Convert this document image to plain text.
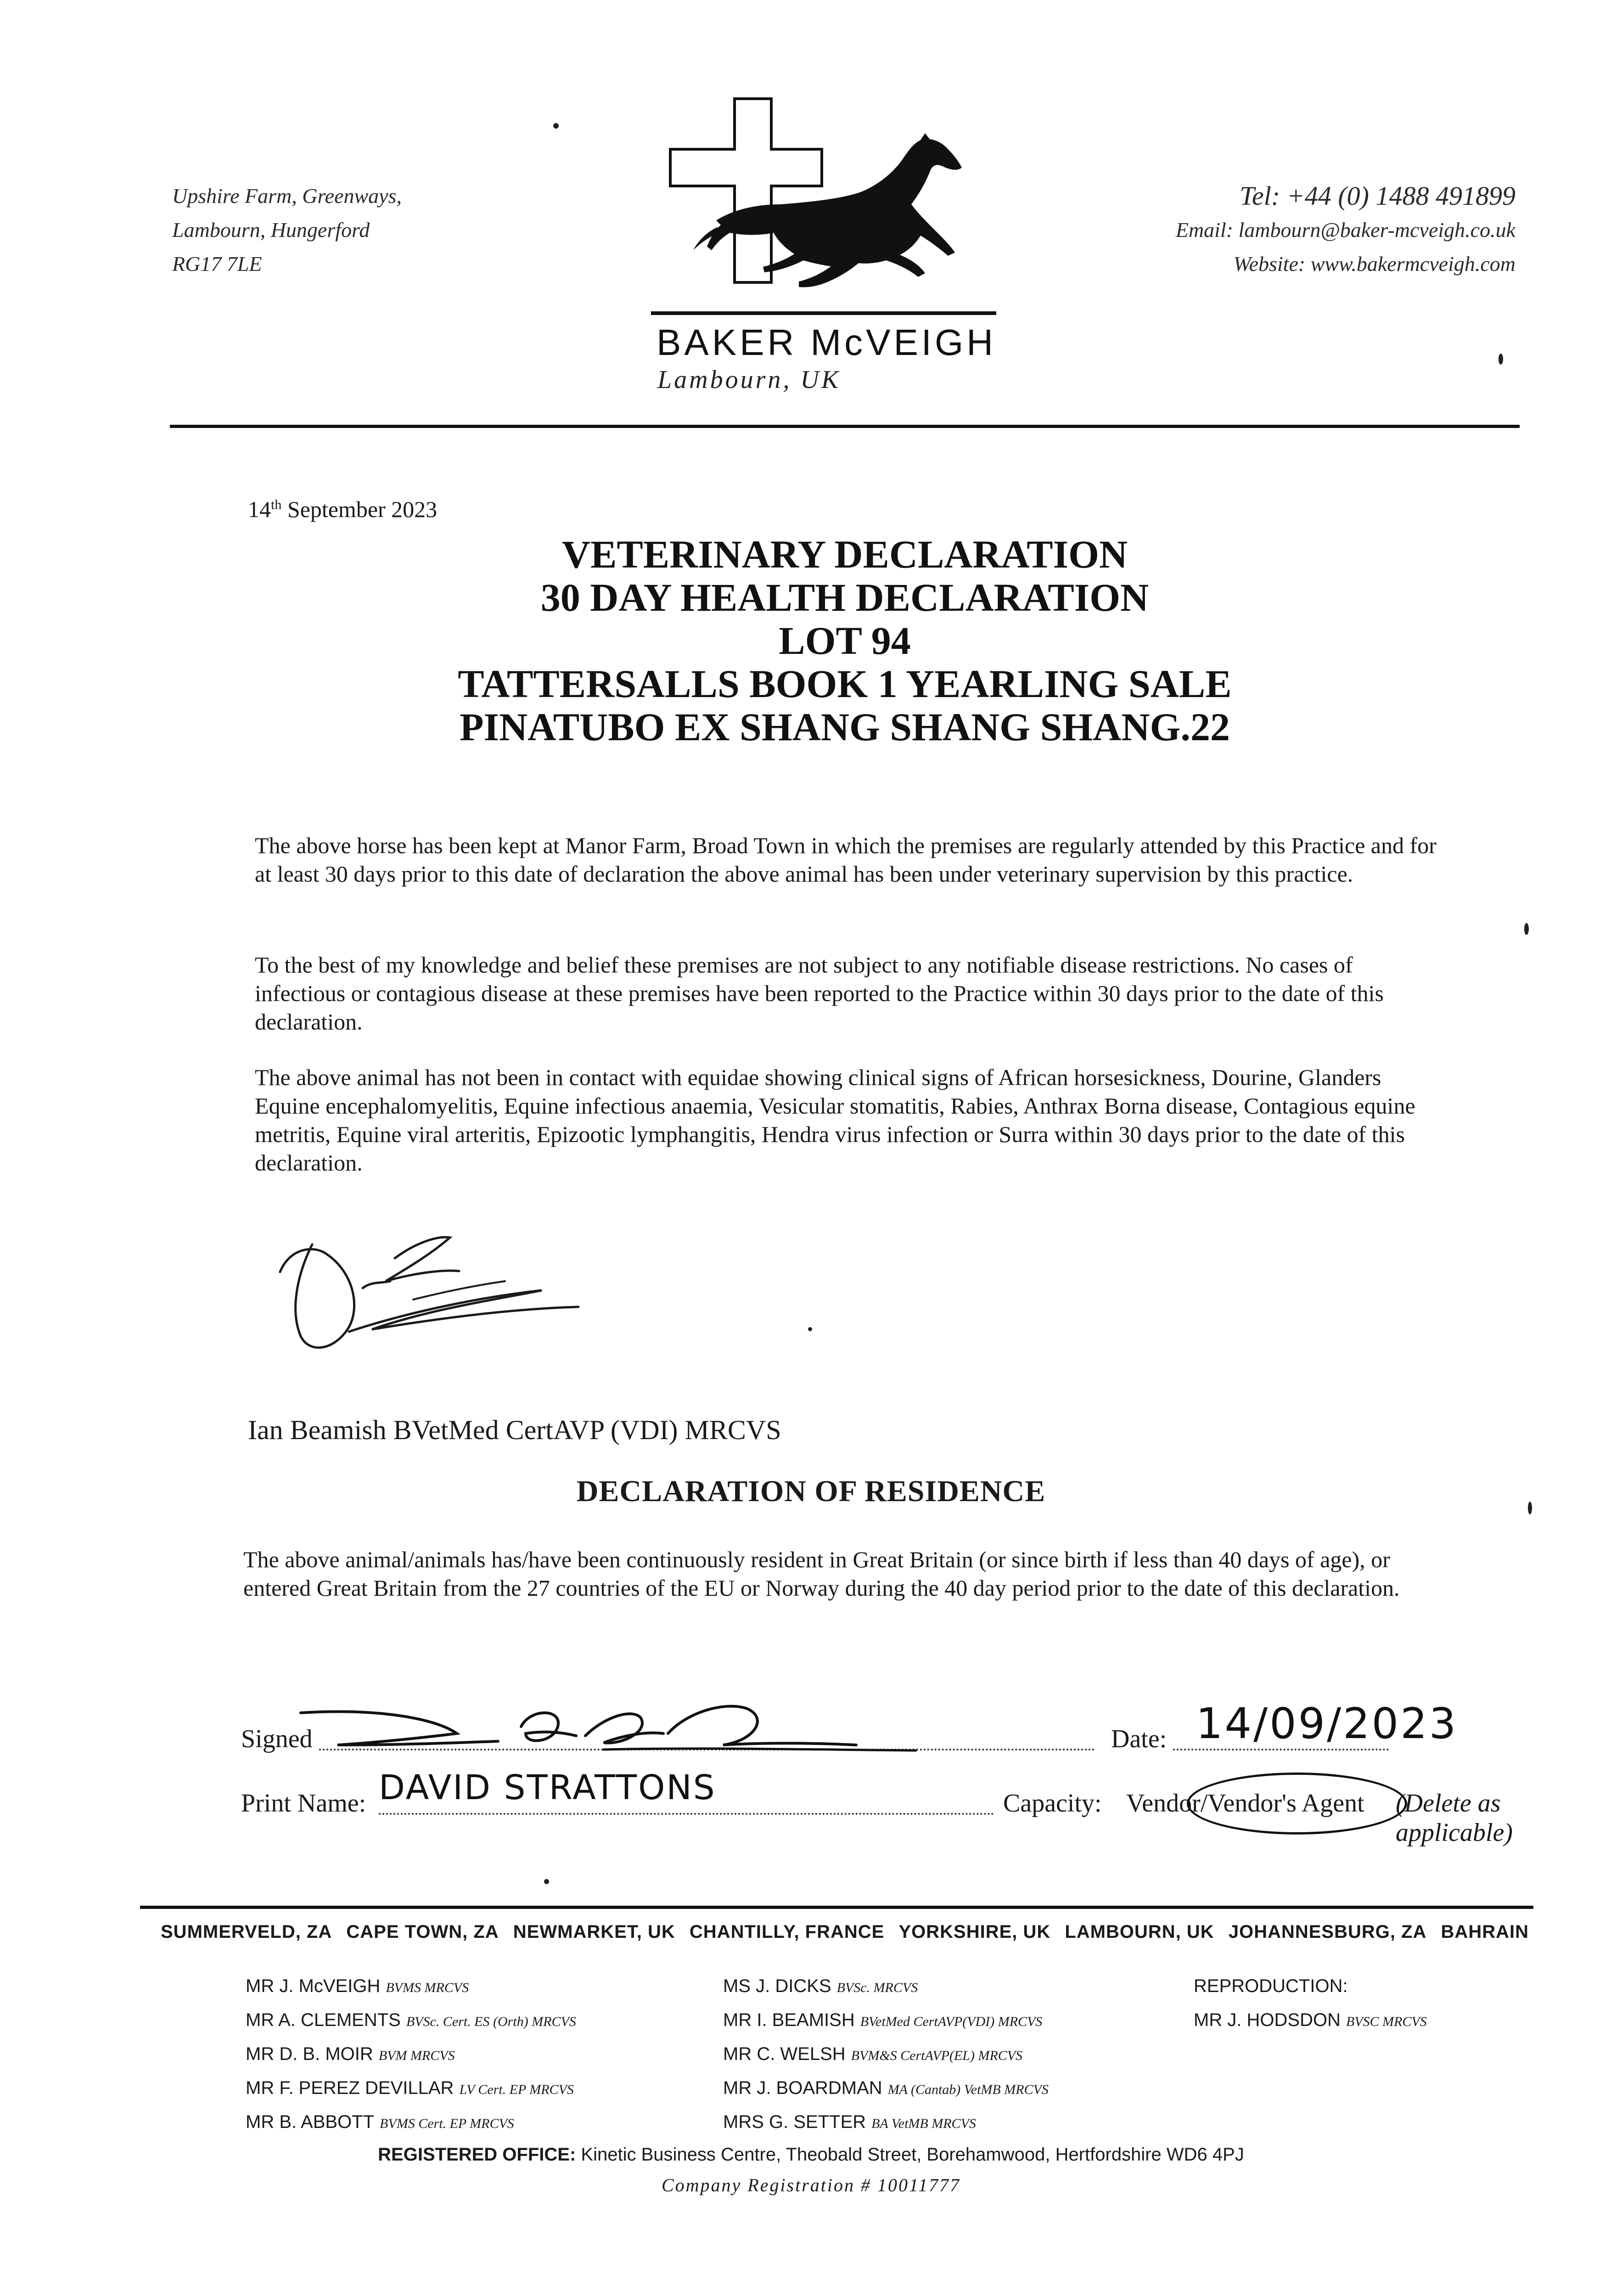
Upshire Farm, Greenways,
Lambourn, Hungerford
RG17 7LE
BAKER McVEIGH
Lambourn, UK
Tel: +44 (0) 1488 491899
Email: lambourn@baker-mcveigh.co.uk
Website: www.bakermcveigh.com
14th September 2023
VETERINARY DECLARATION
30 DAY HEALTH DECLARATION
LOT 94
TATTERSALLS BOOK 1 YEARLING SALE
PINATUBO EX SHANG SHANG SHANG.22
The above horse has been kept at Manor Farm, Broad Town in which the premises are regularly attended by this Practice and for at least 30 days prior to this date of declaration the above animal has been under veterinary supervision by this practice.
To the best of my knowledge and belief these premises are not subject to any notifiable disease restrictions. No cases of infectious or contagious disease at these premises have been reported to the Practice within 30 days prior to the date of this declaration.
The above animal has not been in contact with equidae showing clinical signs of African horsesickness, Dourine, Glanders Equine encephalomyelitis, Equine infectious anaemia, Vesicular stomatitis, Rabies, Anthrax Borna disease, Contagious equine metritis, Equine viral arteritis, Epizootic lymphangitis, Hendra virus infection or Surra within 30 days prior to the date of this declaration.
Ian Beamish BVetMed CertAVP (VDI) MRCVS
DECLARATION OF RESIDENCE
The above animal/animals has/have been continuously resident in Great Britain (or since birth if less than 40 days of age), or entered Great Britain from the 27 countries of the EU or Norway during the 40 day period prior to the date of this declaration.
Signed	Date: 14/09/2023
Print Name: DAVID STRATTONS	Capacity: Vendor/Vendor's Agent (Delete as applicable)
SUMMERVELD, ZA CAPE TOWN, ZA NEWMARKET, UK CHANTILLY, FRANCE YORKSHIRE, UK LAMBOURN, UK JOHANNESBURG, ZA BAHRAIN
MR J. McVEIGH BVMS MRCVS
MR A. CLEMENTS BVSc. Cert. ES (Orth) MRCVS
MR D. B. MOIR BVM MRCVS
MR F. PEREZ DEVILLAR LV Cert. EP MRCVS
MR B. ABBOTT BVMS Cert. EP MRCVS
MS J. DICKS BVSc. MRCVS
MR I. BEAMISH BVetMed CertAVP(VDI) MRCVS
MR C. WELSH BVM&S CertAVP(EL) MRCVS
MR J. BOARDMAN MA (Cantab) VetMB MRCVS
MRS G. SETTER BA VetMB MRCVS
REPRODUCTION:
MR J. HODSDON BVSC MRCVS
REGISTERED OFFICE: Kinetic Business Centre, Theobald Street, Borehamwood, Hertfordshire WD6 4PJ
Company Registration # 10011777
